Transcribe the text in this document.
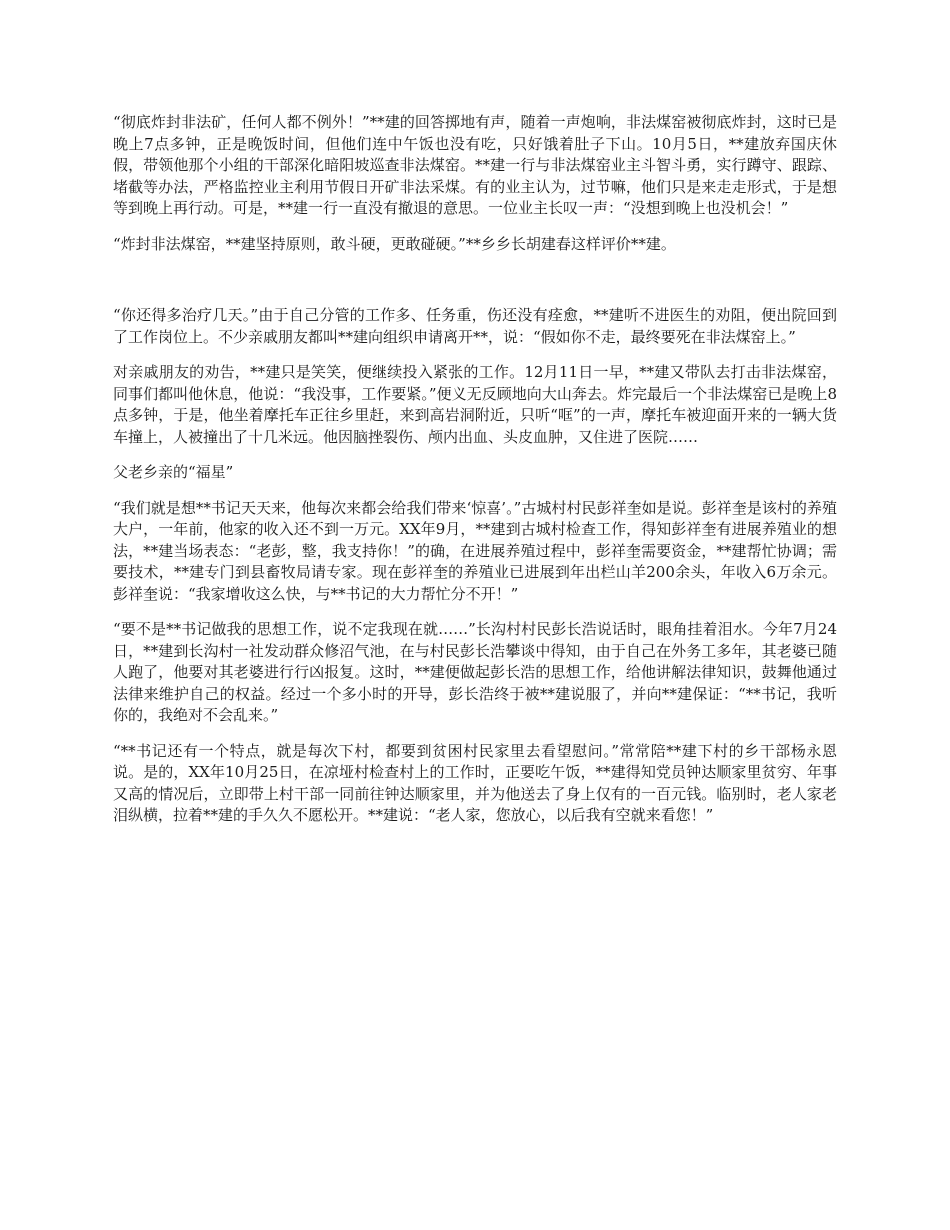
“彻底炸封非法矿，任何人都不例外！”**建的回答掷地有声，随着一声炮响，非法煤窑被彻底炸封，这时已是晚上7点多钟，正是晚饭时间，但他们连中午饭也没有吃，只好饿着肚子下山。10月5日，**建放弃国庆休假，带领他那个小组的干部深化暗阳坡巡查非法煤窑。**建一行与非法煤窑业主斗智斗勇，实行蹲守、跟踪、堵截等办法，严格监控业主利用节假日开矿非法采煤。有的业主认为，过节嘛，他们只是来走走形式，于是想等到晚上再行动。可是，**建一行一直没有撤退的意思。一位业主长叹一声：“没想到晚上也没机会！”

“炸封非法煤窑，**建坚持原则，敢斗硬，更敢碰硬。”**乡乡长胡建春这样评价**建。

“你还得多治疗几天。”由于自己分管的工作多、任务重，伤还没有痊愈，**建听不进医生的劝阻，便出院回到了工作岗位上。不少亲戚朋友都叫**建向组织申请离开**，说：“假如你不走，最终要死在非法煤窑上。”

对亲戚朋友的劝告，**建只是笑笑，便继续投入紧张的工作。12月11日一早，**建又带队去打击非法煤窑，同事们都叫他休息，他说：“我没事，工作要紧。”便义无反顾地向大山奔去。炸完最后一个非法煤窑已是晚上8点多钟，于是，他坐着摩托车正往乡里赶，来到高岩洞附近，只听“哐”的一声，摩托车被迎面开来的一辆大货车撞上，人被撞出了十几米远。他因脑挫裂伤、颅内出血、头皮血肿，又住进了医院……

父老乡亲的“福星”

“我们就是想**书记天天来，他每次来都会给我们带来‘惊喜’。”古城村村民彭祥奎如是说。彭祥奎是该村的养殖大户，一年前，他家的收入还不到一万元。XX年9月，**建到古城村检查工作，得知彭祥奎有进展养殖业的想法，**建当场表态：“老彭，整，我支持你！”的确，在进展养殖过程中，彭祥奎需要资金，**建帮忙协调；需要技术，**建专门到县畜牧局请专家。现在彭祥奎的养殖业已进展到年出栏山羊200余头，年收入6万余元。彭祥奎说：“我家增收这么快，与**书记的大力帮忙分不开！”

“要不是**书记做我的思想工作，说不定我现在就……”长沟村村民彭长浩说话时，眼角挂着泪水。今年7月24日，**建到长沟村一社发动群众修沼气池，在与村民彭长浩攀谈中得知，由于自己在外务工多年，其老婆已随人跑了，他要对其老婆进行行凶报复。这时，**建便做起彭长浩的思想工作，给他讲解法律知识，鼓舞他通过法律来维护自己的权益。经过一个多小时的开导，彭长浩终于被**建说服了，并向**建保证：“**书记，我听你的，我绝对不会乱来。”

“**书记还有一个特点，就是每次下村，都要到贫困村民家里去看望慰问。”常常陪**建下村的乡干部杨永恩说。是的，XX年10月25日，在凉垭村检查村上的工作时，正要吃午饭，**建得知党员钟达顺家里贫穷、年事又高的情况后，立即带上村干部一同前往钟达顺家里，并为他送去了身上仅有的一百元钱。临别时，老人家老泪纵横，拉着**建的手久久不愿松开。**建说：“老人家，您放心，以后我有空就来看您！”
